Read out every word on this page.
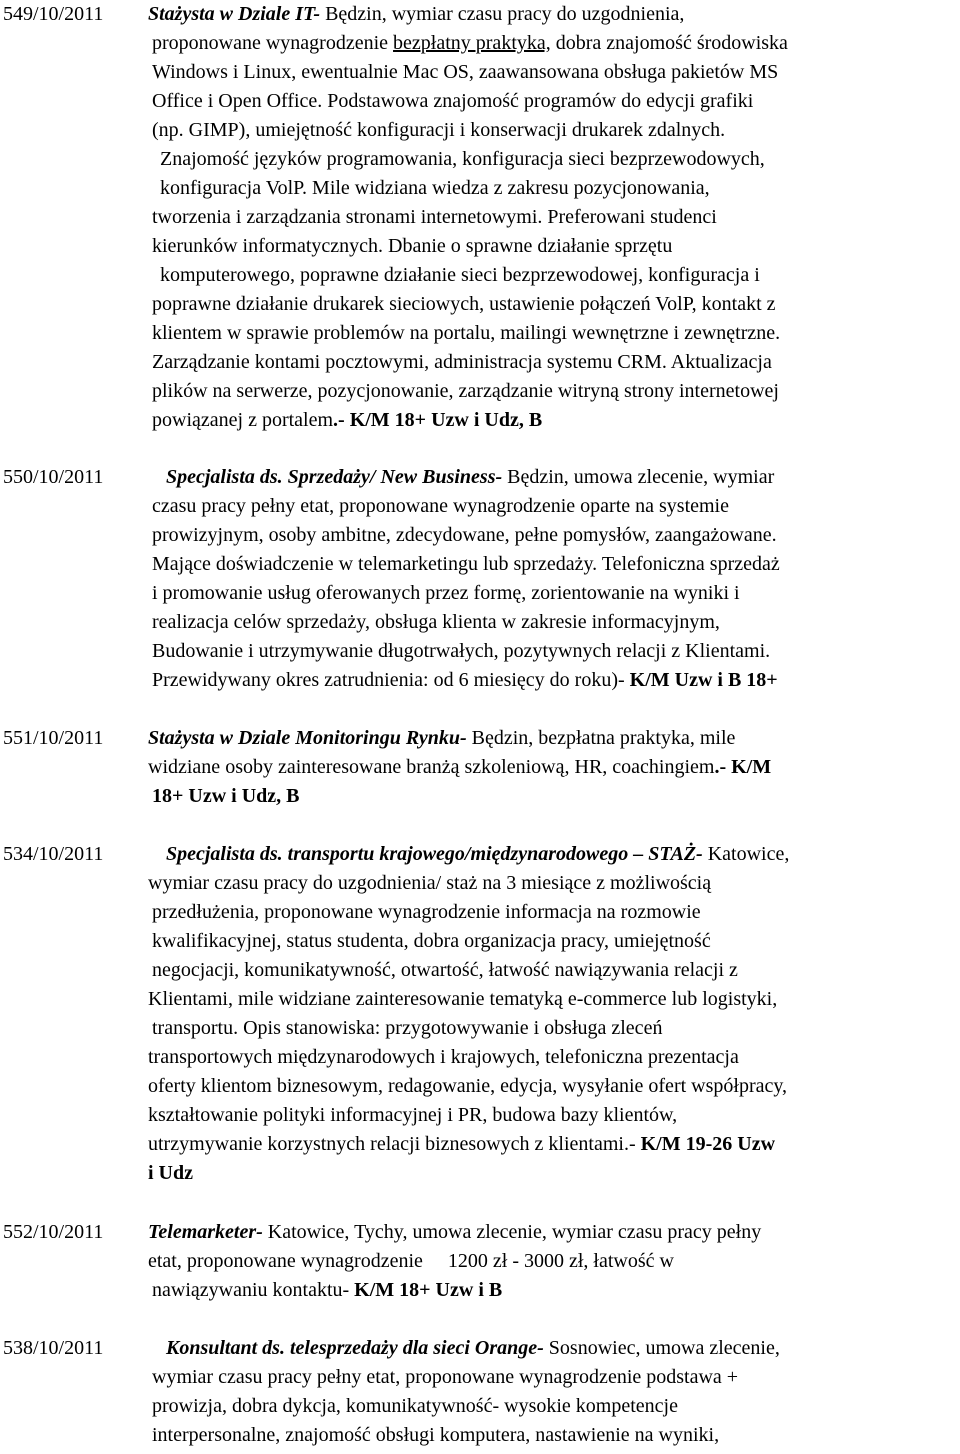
549/10/2011 Stażysta w Dziale IT- Będzin, wymiar czasu pracy do uzgodnienia,
proponowane wynagrodzenie bezpłatny praktyka, dobra znajomość środowiska
Windows i Linux, ewentualnie Mac OS, zaawansowana obsługa pakietów MS
Office i Open Office. Podstawowa znajomość programów do edycji grafiki
(np. GIMP), umiejętność konfiguracji i konserwacji drukarek zdalnych.
Znajomość języków programowania, konfiguracja sieci bezprzewodowych,
konfiguracja VolP. Mile widziana wiedza z zakresu pozycjonowania,
tworzenia i zarządzania stronami internetowymi. Preferowani studenci
kierunków informatycznych. Dbanie o sprawne działanie sprzętu
komputerowego, poprawne działanie sieci bezprzewodowej, konfiguracja i
poprawne działanie drukarek sieciowych, ustawienie połączeń VolP, kontakt z
klientem w sprawie problemów na portalu, mailingi wewnętrzne i zewnętrzne.
Zarządzanie kontami pocztowymi, administracja systemu CRM. Aktualizacja
plików na serwerze, pozycjonowanie, zarządzanie witryną strony internetowej
powiązanej z portalem.- K/M 18+ Uzw i Udz, B
550/10/2011	Specjalista ds. Sprzedaży/ New Business- Będzin, umowa zlecenie, wymiar
czasu pracy pełny etat, proponowane wynagrodzenie oparte na systemie
prowizyjnym, osoby ambitne, zdecydowane, pełne pomysłów, zaangażowane.
Mające doświadczenie w telemarketingu lub sprzedaży. Telefoniczna sprzedaż
i promowanie usług oferowanych przez formę, zorientowanie na wyniki i
realizacja celów sprzedaży, obsługa klienta w zakresie informacyjnym,
Budowanie i utrzymywanie długotrwałych, pozytywnych relacji z Klientami.
Przewidywany okres zatrudnienia: od 6 miesięcy do roku)- K/M Uzw i B 18+
551/10/2011 Stażysta w Dziale Monitoringu Rynku- Będzin, bezpłatna praktyka, mile
widziane osoby zainteresowane branżą szkoleniową, HR, coachingiem.- K/M
18+ Uzw i Udz, B
534/10/2011	Specjalista ds. transportu krajowego/międzynarodowego – STAŻ- Katowice,
wymiar czasu pracy do uzgodnienia/ staż na 3 miesiące z możliwością
przedłużenia, proponowane wynagrodzenie informacja na rozmowie
kwalifikacyjnej, status studenta, dobra organizacja pracy, umiejętność
negocjacji, komunikatywność, otwartość, łatwość nawiązywania relacji z
Klientami, mile widziane zainteresowanie tematyką e-commerce lub logistyki,
transportu. Opis stanowiska: przygotowywanie i obsługa zleceń
transportowych międzynarodowych i krajowych, telefoniczna prezentacja
oferty klientom biznesowym, redagowanie, edycja, wysyłanie ofert współpracy,
kształtowanie polityki informacyjnej i PR, budowa bazy klientów,
utrzymywanie korzystnych relacji biznesowych z klientami.- K/M 19-26 Uzw
i Udz
552/10/2011 Telemarketer- Katowice, Tychy, umowa zlecenie, wymiar czasu pracy pełny
etat, proponowane wynagrodzenie     1200 zł - 3000 zł, łatwość w
nawiązywaniu kontaktu- K/M 18+ Uzw i B
538/10/2011	Konsultant ds. telesprzedaży dla sieci Orange- Sosnowiec, umowa zlecenie,
wymiar czasu pracy pełny etat, proponowane wynagrodzenie podstawa +
prowizja, dobra dykcja, komunikatywność- wysokie kompetencje
interpersonalne, znajomość obsługi komputera, nastawienie na wyniki,
